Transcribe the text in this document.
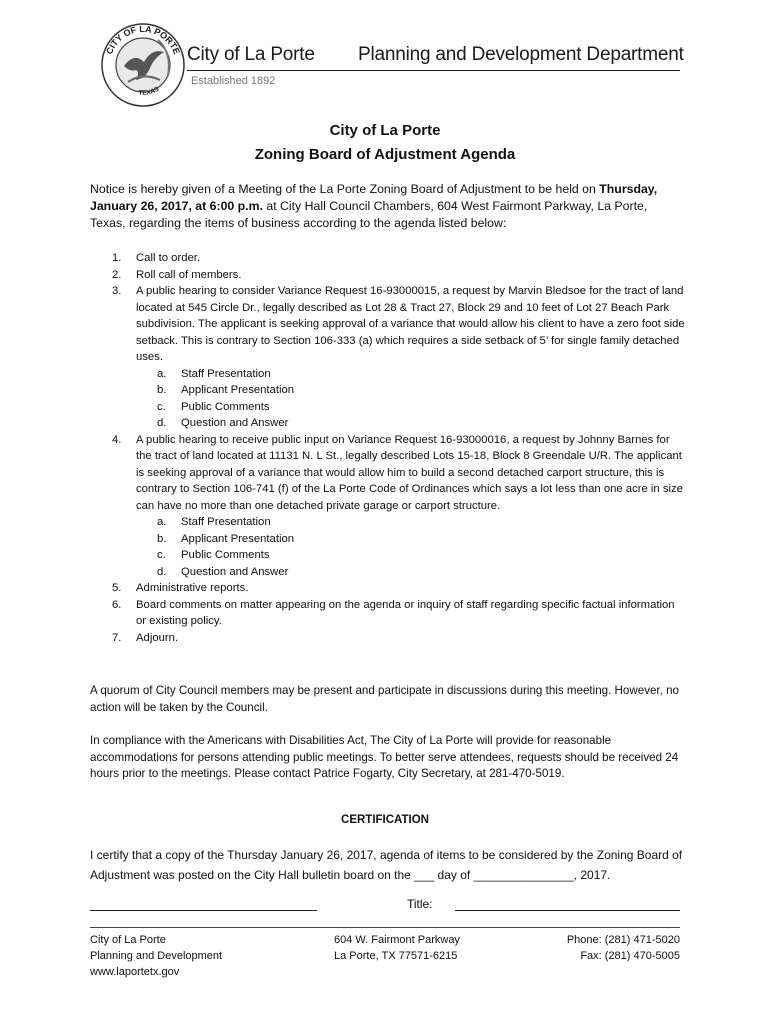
CITY OF LA PORTE
TEXAS
City of La Porte Planning and Development Department
Established 1892
City of La Porte
Zoning Board of Adjustment Agenda
Notice is hereby given of a Meeting of the La Porte Zoning Board of Adjustment to be held on Thursday, January 26, 2017, at 6:00 p.m. at City Hall Council Chambers, 604 West Fairmont Parkway, La Porte, Texas, regarding the items of business according to the agenda listed below:
1. Call to order.
2. Roll call of members.
3. A public hearing to consider Variance Request 16-93000015, a request by Marvin Bledsoe for the tract of land located at 545 Circle Dr., legally described as Lot 28 & Tract 27, Block 29 and 10 feet of Lot 27 Beach Park subdivision. The applicant is seeking approval of a variance that would allow his client to have a zero foot side setback. This is contrary to Section 106-333 (a) which requires a side setback of 5’ for single family detached uses.
a. Staff Presentation
b. Applicant Presentation
c. Public Comments
d. Question and Answer
4. A public hearing to receive public input on Variance Request 16-93000016, a request by Johnny Barnes for the tract of land located at 11131 N. L St., legally described Lots 15-18, Block 8 Greendale U/R. The applicant is seeking approval of a variance that would allow him to build a second detached carport structure, this is contrary to Section 106-741 (f) of the La Porte Code of Ordinances which says a lot less than one acre in size can have no more than one detached private garage or carport structure.
a. Staff Presentation
b. Applicant Presentation
c. Public Comments
d. Question and Answer
5. Administrative reports.
6. Board comments on matter appearing on the agenda or inquiry of staff regarding specific factual information or existing policy.
7. Adjourn.
A quorum of City Council members may be present and participate in discussions during this meeting. However, no action will be taken by the Council.
In compliance with the Americans with Disabilities Act, The City of La Porte will provide for reasonable accommodations for persons attending public meetings. To better serve attendees, requests should be received 24 hours prior to the meetings. Please contact Patrice Fogarty, City Secretary, at 281-470-5019.
CERTIFICATION
I certify that a copy of the Thursday January 26, 2017, agenda of items to be considered by the Zoning Board of Adjustment was posted on the City Hall bulletin board on the ___ day of _______________, 2017.
Title:
City of La Porte
Planning and Development
www.laportetx.gov
604 W. Fairmont Parkway
La Porte, TX 77571-6215
Phone: (281) 471-5020
Fax: (281) 470-5005
